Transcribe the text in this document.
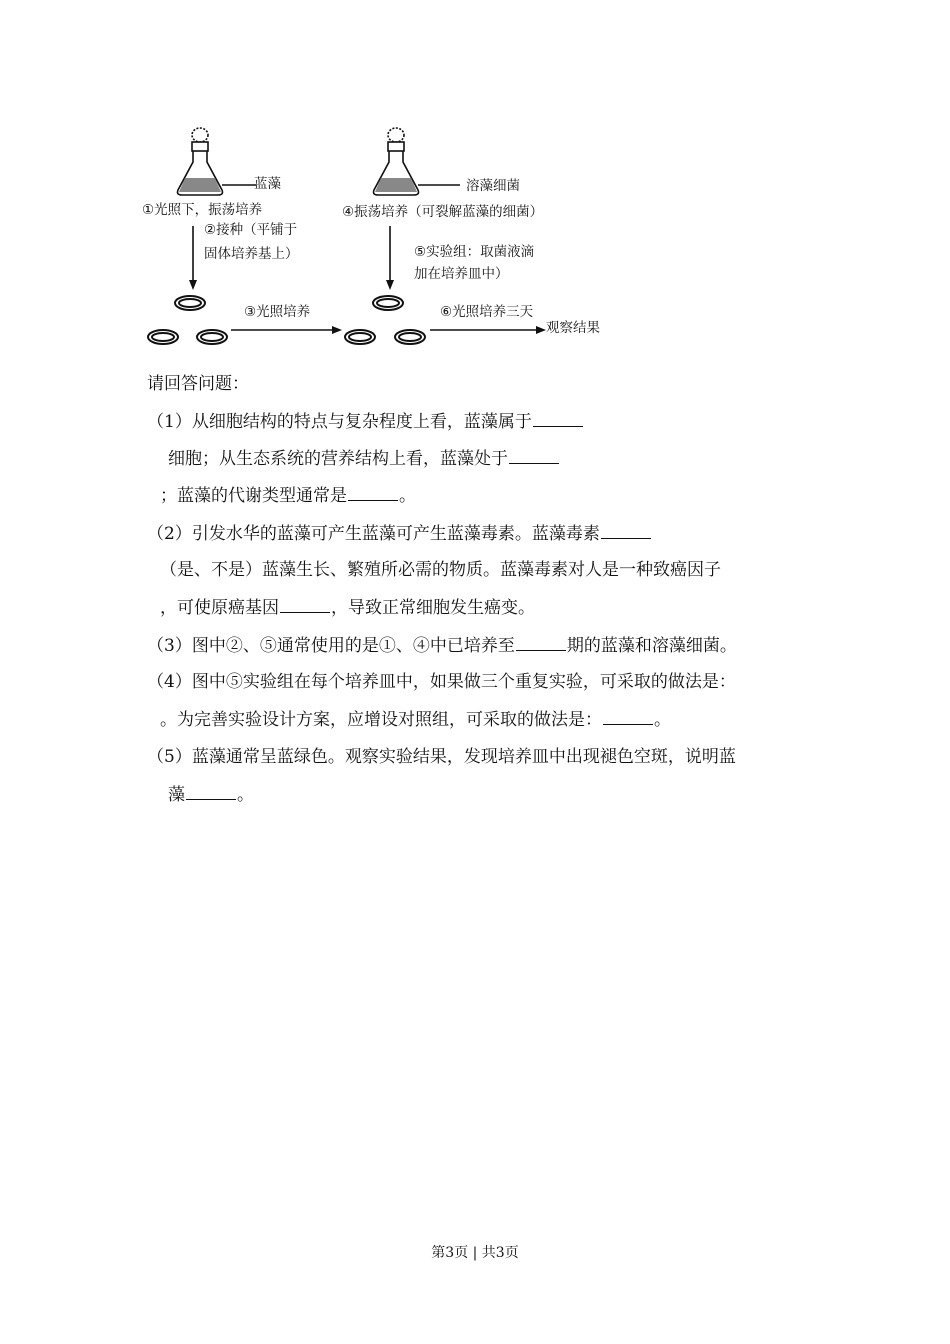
蓝藻
①光照下，振荡培养
②接种（平铺于
固体培养基上）
③光照培养
溶藻细菌
④振荡培养（可裂解蓝藻的细菌）
⑤实验组：取菌液滴
加在培养皿中）
⑥光照培养三天
观察结果
请回答问题：
（1）从细胞结构的特点与复杂程度上看，蓝藻属于
细胞；从生态系统的营养结构上看，蓝藻处于
；蓝藻的代谢类型通常是	。
（2）引发水华的蓝藻可产生蓝藻可产生蓝藻毒素。蓝藻毒素
（是、不是）蓝藻生长、繁殖所必需的物质。蓝藻毒素对人是一种致癌因子
，可使原癌基因	，导致正常细胞发生癌变。
（3）图中②、⑤通常使用的是①、④中已培养至	期的蓝藻和溶藻细菌。
（4）图中⑤实验组在每个培养皿中，如果做三个重复实验，可采取的做法是：
。为完善实验设计方案，应增设对照组，可采取的做法是：	。
（5）蓝藻通常呈蓝绿色。观察实验结果，发现培养皿中出现褪色空斑，说明蓝
藻	。
第3页 | 共3页
